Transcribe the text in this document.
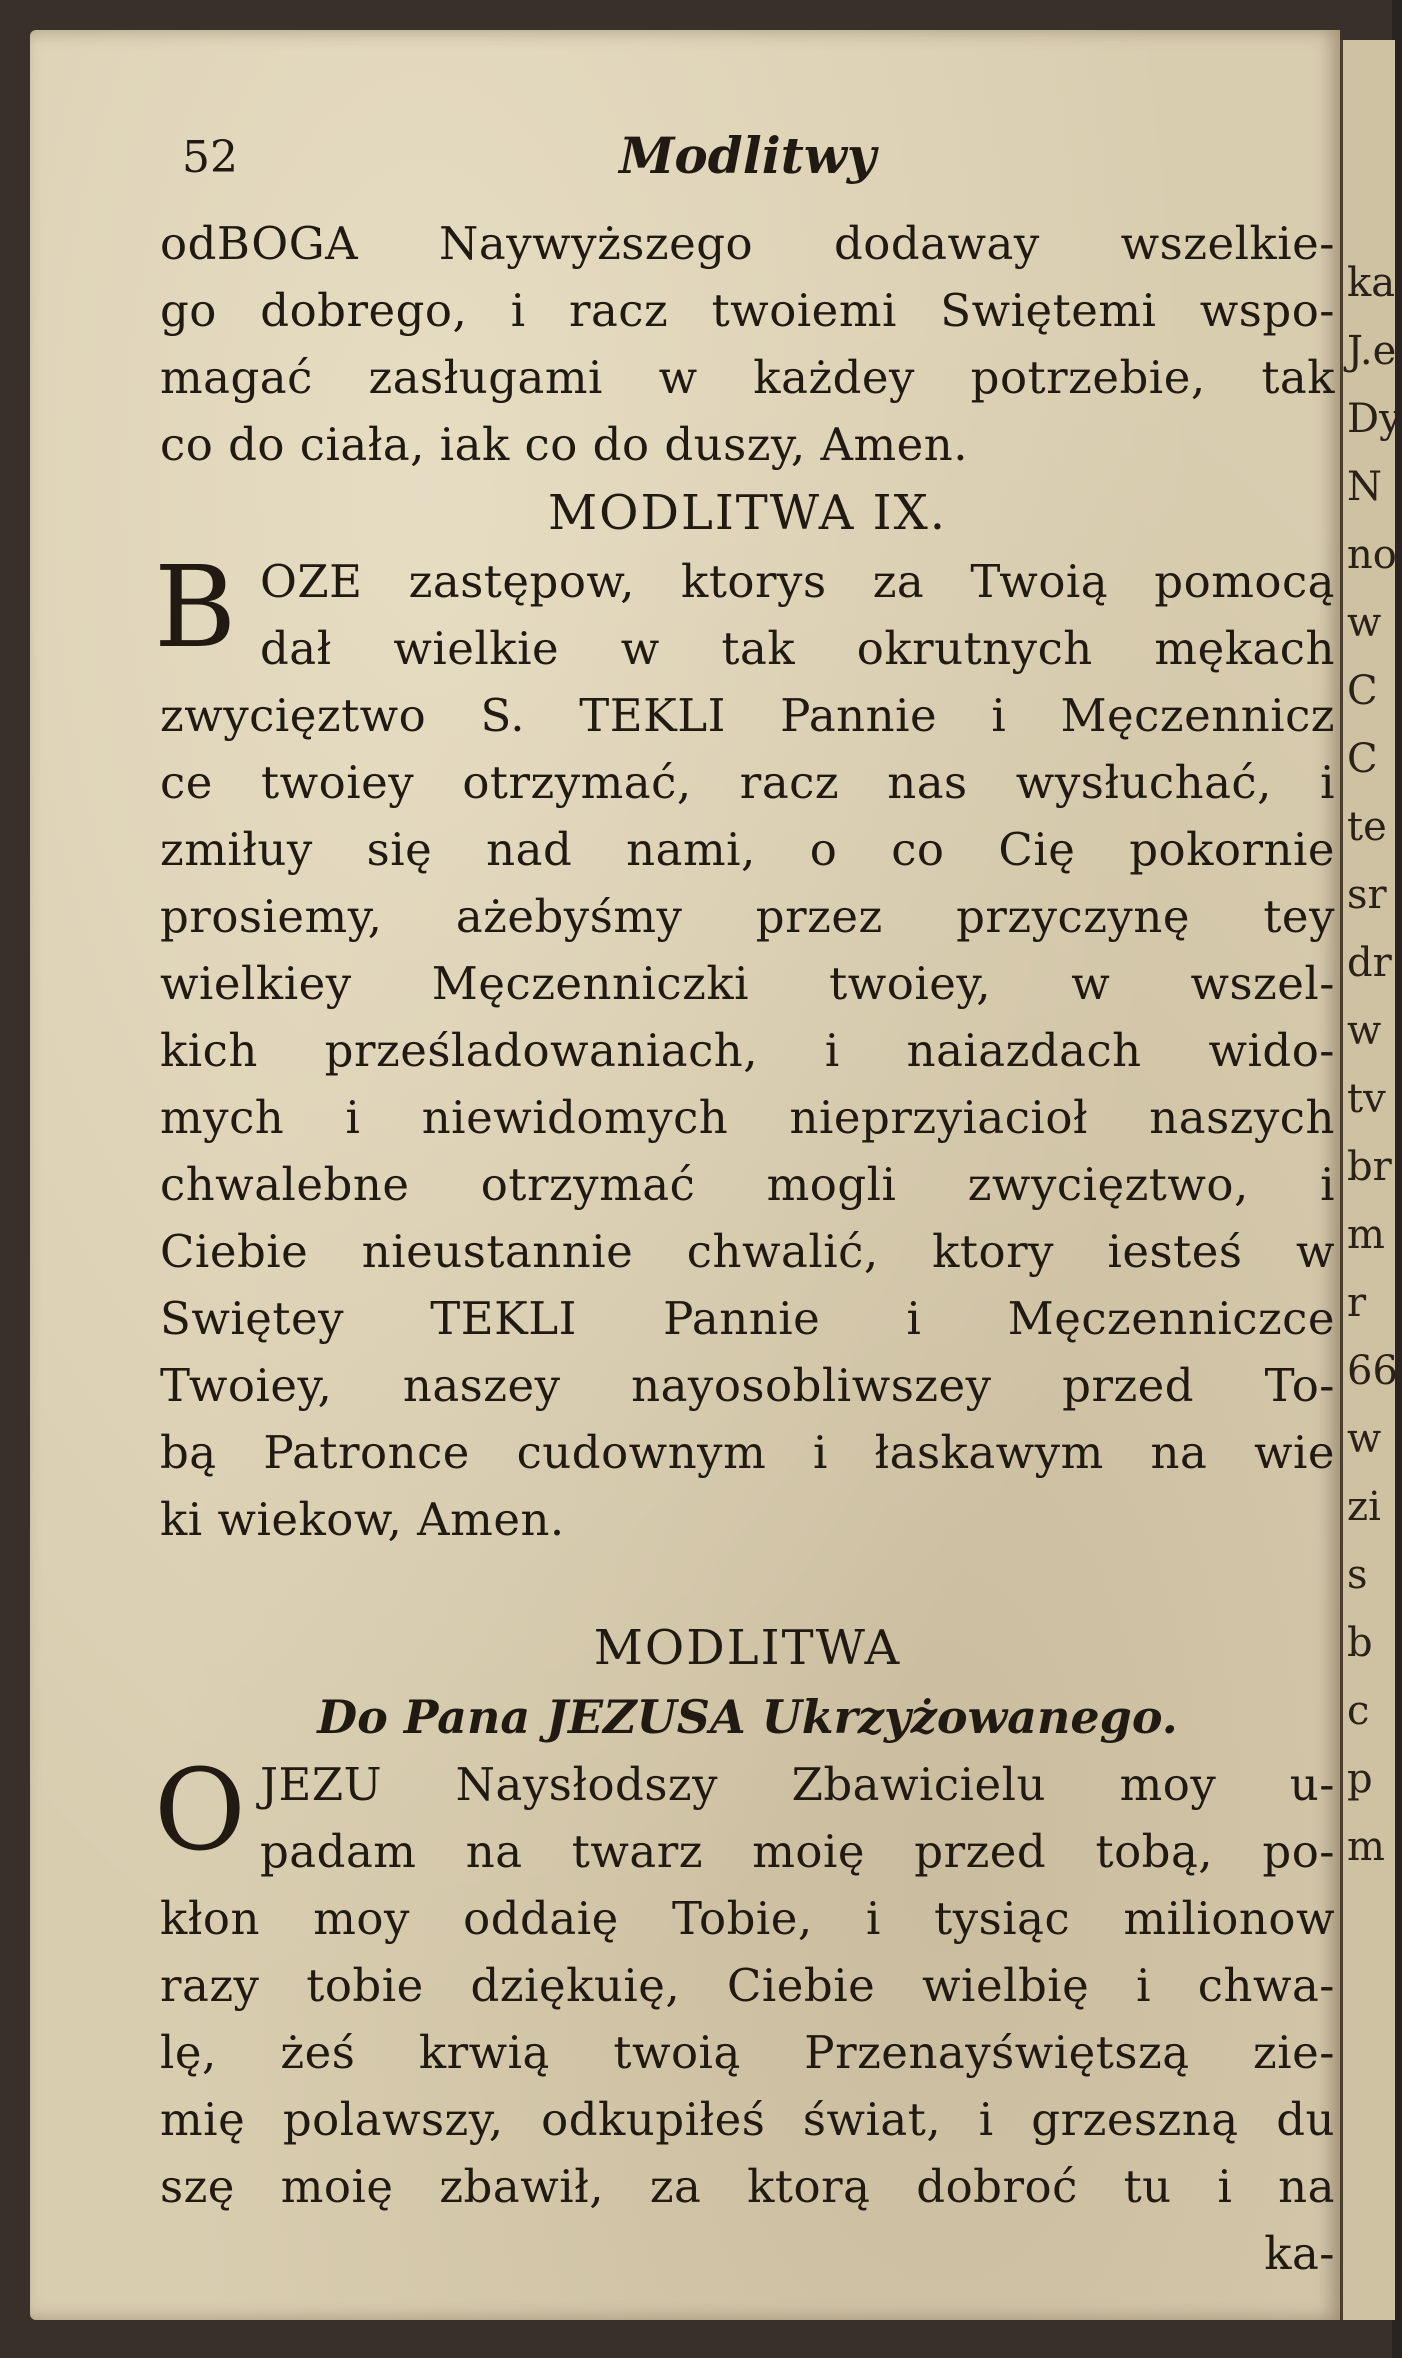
ka
J.e
Dy
N
no
w
C
C
te
sr
dr
w
tv
br
m
r
66
w
zi
s
b
c
p
m
52	Modlitwy
odBOGA Naywyższego dodaway wszelkie-
go dobrego, i racz twoiemi Swiętemi wspo-
magać zasługami w każdey potrzebie, tak
co do ciała, iak co do duszy, Amen.
MODLITWA IX.
B OZE zastępow, ktorys za Twoią pomocą
dał wielkie w tak okrutnych mękach
zwycięztwo S. TEKLI Pannie i Męczennicz
ce twoiey otrzymać, racz nas wysłuchać, i
zmiłuy się nad nami, o co Cię pokornie
prosiemy, ażebyśmy przez przyczynę tey
wielkiey Męczenniczki twoiey, w wszel-
kich prześladowaniach, i naiazdach wido-
mych i niewidomych nieprzyiacioł naszych
chwalebne otrzymać mogli zwycięztwo, i
Ciebie nieustannie chwalić, ktory iesteś w
Swiętey TEKLI Pannie i Męczenniczce
Twoiey, naszey nayosobliwszey przed To-
bą Patronce cudownym i łaskawym na wie
ki wiekow, Amen.
MODLITWA
Do Pana JEZUSA Ukrzyżowanego.
O JEZU Naysłodszy Zbawicielu moy u-
padam na twarz moię przed tobą, po-
kłon moy oddaię Tobie, i tysiąc milionow
razy tobie dziękuię, Ciebie wielbię i chwa-
lę, żeś krwią twoią Przenayświętszą zie-
mię polawszy, odkupiłeś świat, i grzeszną du
szę moię zbawił, za ktorą dobroć tu i na
ka-
